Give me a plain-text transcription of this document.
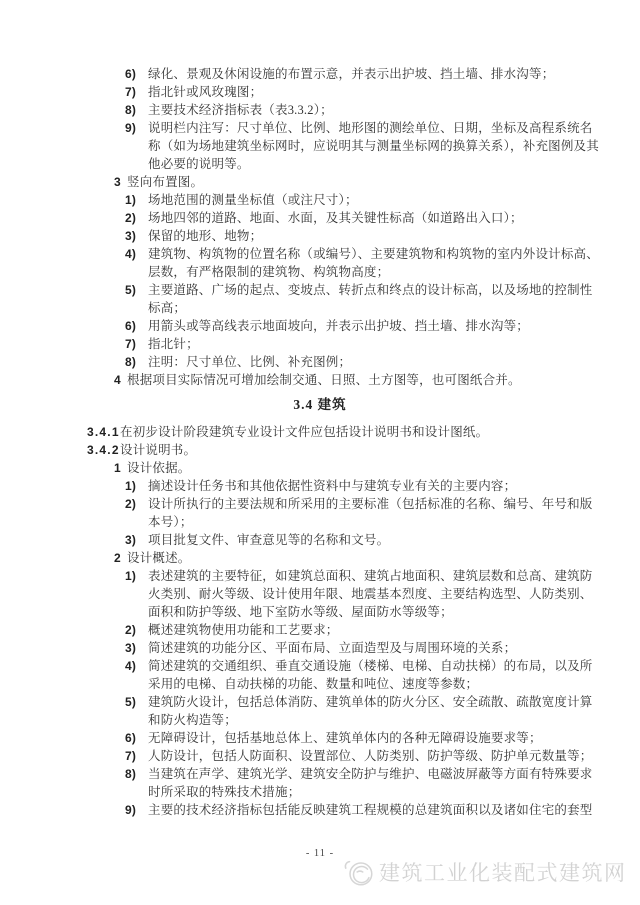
6) 绿化、景观及休闲设施的布置示意，并表示出护坡、挡土墙、排水沟等；
7) 指北针或风玫瑰图；
8) 主要技术经济指标表（表3.3.2）；
9) 说明栏内注写：尺寸单位、比例、地形图的测绘单位、日期，坐标及高程系统名
称（如为场地建筑坐标网时，应说明其与测量坐标网的换算关系），补充图例及其
他必要的说明等。
3 竖向布置图。
1) 场地范围的测量坐标值（或注尺寸）；
2) 场地四邻的道路、地面、水面，及其关键性标高（如道路出入口）；
3) 保留的地形、地物；
4) 建筑物、构筑物的位置名称（或编号）、主要建筑物和构筑物的室内外设计标高、
层数，有严格限制的建筑物、构筑物高度；
5) 主要道路、广场的起点、变坡点、转折点和终点的设计标高，以及场地的控制性
标高；
6) 用箭头或等高线表示地面坡向，并表示出护坡、挡土墙、排水沟等；
7) 指北针；
8) 注明：尺寸单位、比例、补充图例；
4 根据项目实际情况可增加绘制交通、日照、土方图等，也可图纸合并。
3.4 建筑
3.4.1在初步设计阶段建筑专业设计文件应包括设计说明书和设计图纸。
3.4.2设计说明书。
1 设计依据。
1) 摘述设计任务书和其他依据性资料中与建筑专业有关的主要内容；
2) 设计所执行的主要法规和所采用的主要标准（包括标准的名称、编号、年号和版
本号）；
3) 项目批复文件、审查意见等的名称和文号。
2 设计概述。
1) 表述建筑的主要特征，如建筑总面积、建筑占地面积、建筑层数和总高、建筑防
火类别、耐火等级、设计使用年限、地震基本烈度、主要结构选型、人防类别、
面积和防护等级、地下室防水等级、屋面防水等级等；
2) 概述建筑物使用功能和工艺要求；
3) 简述建筑的功能分区、平面布局、立面造型及与周围环境的关系；
4) 简述建筑的交通组织、垂直交通设施（楼梯、电梯、自动扶梯）的布局，以及所
采用的电梯、自动扶梯的功能、数量和吨位、速度等参数；
5) 建筑防火设计，包括总体消防、建筑单体的防火分区、安全疏散、疏散宽度计算
和防火构造等；
6) 无障碍设计，包括基地总体上、建筑单体内的各种无障碍设施要求等；
7) 人防设计，包括人防面积、设置部位、人防类别、防护等级、防护单元数量等；
8) 当建筑在声学、建筑光学、建筑安全防护与维护、电磁波屏蔽等方面有特殊要求
时所采取的特殊技术措施；
9) 主要的技术经济指标包括能反映建筑工程规模的总建筑面积以及诸如住宅的套型
- 11 -
建筑工业化装配式建筑网
